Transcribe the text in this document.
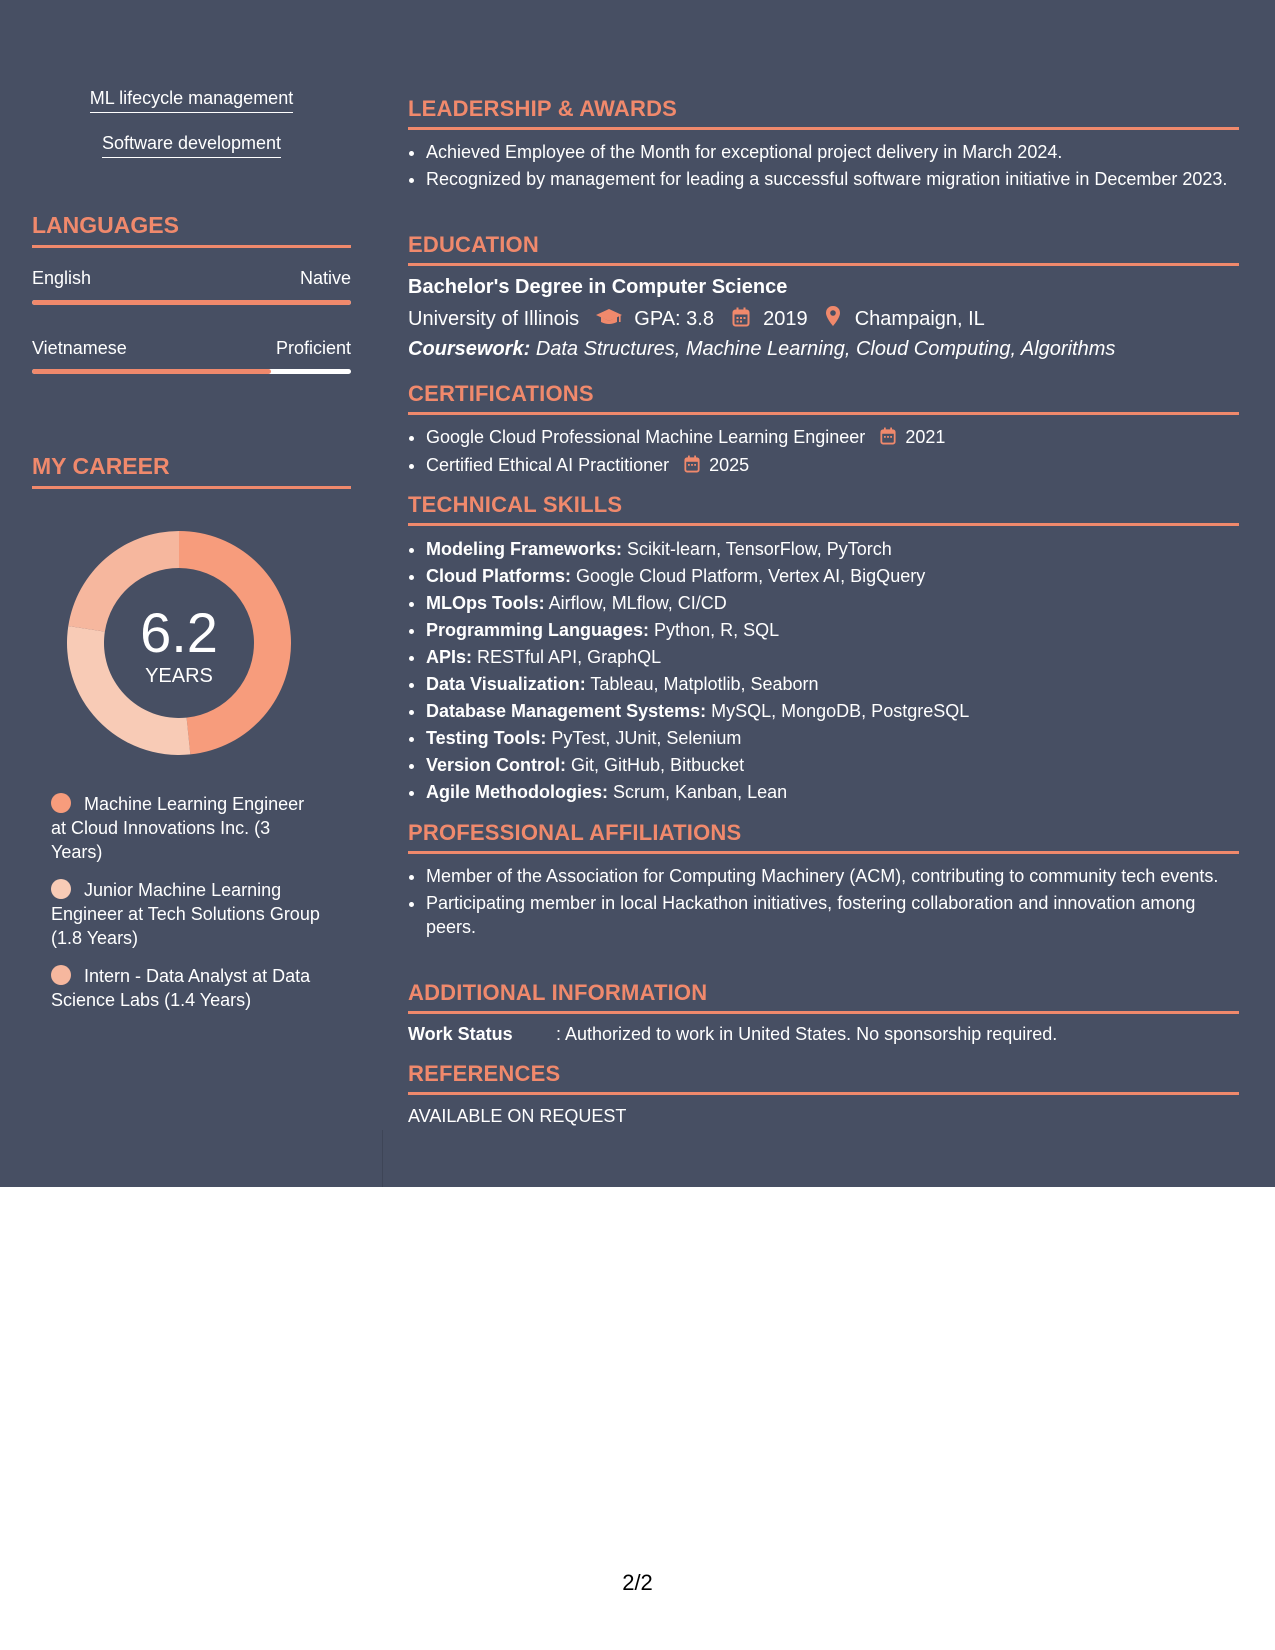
ML lifecycle management
Software development
LANGUAGES
English	Native
Vietnamese	Proficient
MY CAREER
Machine Learning Engineer at Cloud Innovations Inc. (3 Years)
Junior Machine Learning Engineer at Tech Solutions Group (1.8 Years)
Intern - Data Analyst at Data Science Labs (1.4 Years)
6.2
YEARS
LEADERSHIP & AWARDS
• Achieved Employee of the Month for exceptional project delivery in March 2024.
• Recognized by management for leading a successful software migration initiative in December 2023.
EDUCATION
Bachelor's Degree in Computer Science
University of Illinois	GPA: 3.8 2019 Champaign, IL
Coursework: Data Structures, Machine Learning, Cloud Computing, Algorithms
CERTIFICATIONS
• Google Cloud Professional Machine Learning Engineer 2021
• Certified Ethical AI Practitioner 2025
TECHNICAL SKILLS
• Modeling Frameworks: Scikit-learn, TensorFlow, PyTorch
• Cloud Platforms: Google Cloud Platform, Vertex AI, BigQuery
• MLOps Tools: Airflow, MLflow, CI/CD
• Programming Languages: Python, R, SQL
• APIs: RESTful API, GraphQL
• Data Visualization: Tableau, Matplotlib, Seaborn
• Database Management Systems: MySQL, MongoDB, PostgreSQL
• Testing Tools: PyTest, JUnit, Selenium
• Version Control: Git, GitHub, Bitbucket
• Agile Methodologies: Scrum, Kanban, Lean
PROFESSIONAL AFFILIATIONS
• Member of the Association for Computing Machinery (ACM), contributing to community tech events.
• Participating member in local Hackathon initiatives, fostering collaboration and innovation among peers.
ADDITIONAL INFORMATION
Work Status : Authorized to work in United States. No sponsorship required.
REFERENCES
AVAILABLE ON REQUEST
2/2
